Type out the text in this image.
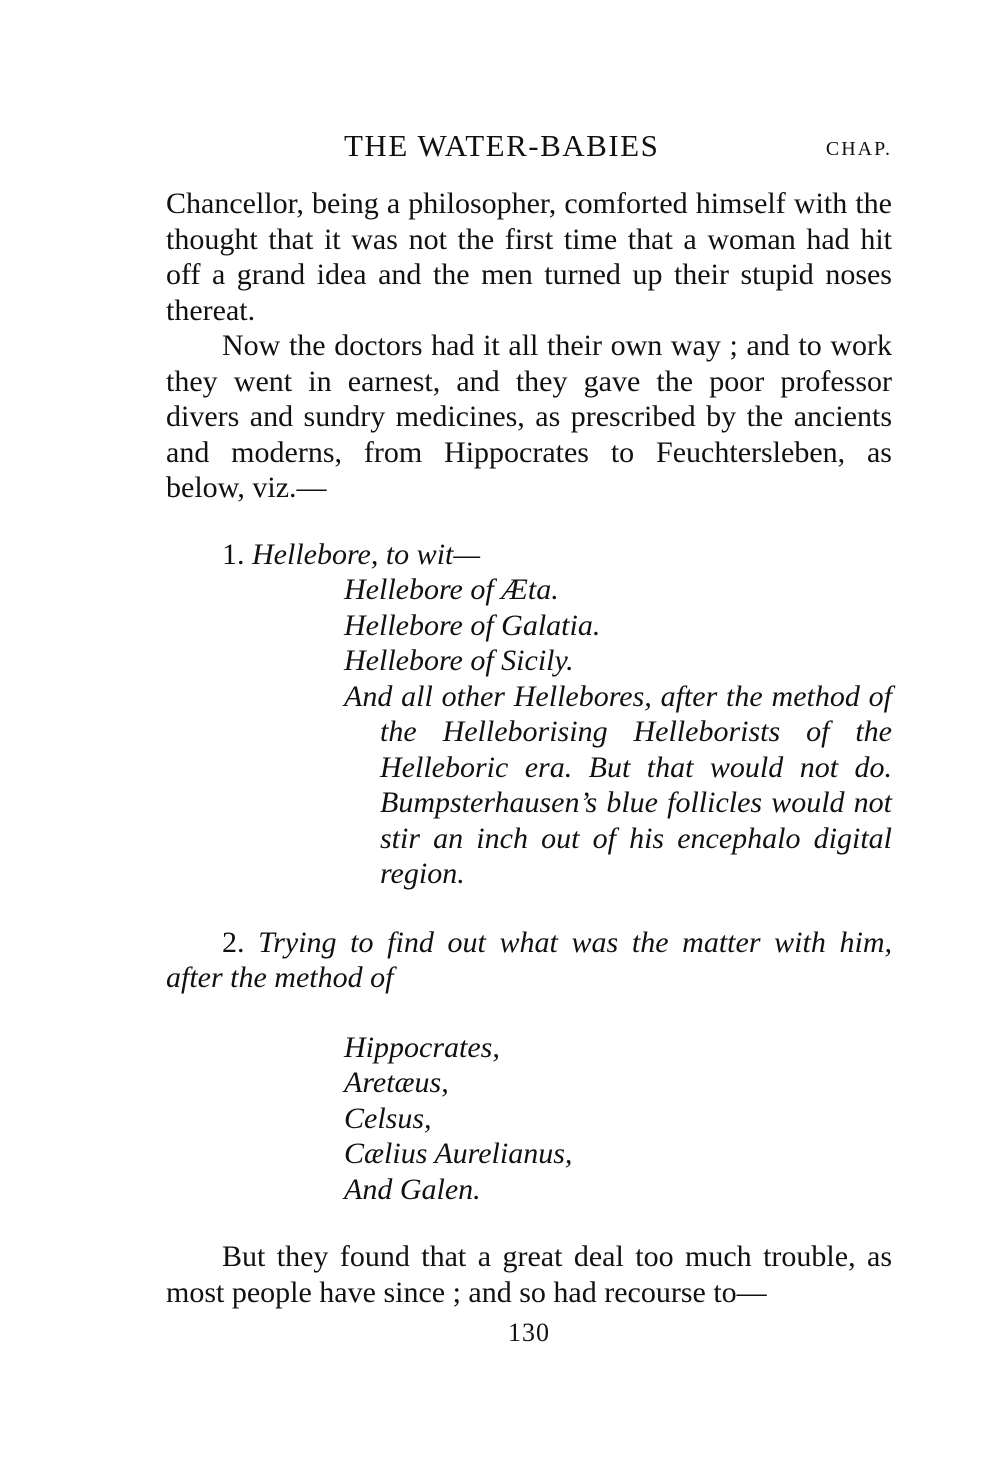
THE WATER-BABIES	CHAP.

Chancellor, being a philosopher, comforted himself with the thought that it was not the first time that a woman had hit off a grand idea and the men turned up their stupid noses thereat.

Now the doctors had it all their own way ; and to work they went in earnest, and they gave the poor professor divers and sundry medicines, as prescribed by the ancients and moderns, from Hippocrates to Feuchtersleben, as below, viz.—

1. Hellebore, to wit—
Hellebore of Æta.
Hellebore of Galatia.
Hellebore of Sicily.
And all other Hellebores, after the method of the Helleborising Helleborists of the Helleboric era. But that would not do. Bumpsterhausen’s blue follicles would not stir an inch out of his encephalo digital region.

2. Trying to find out what was the matter with him, after the method of

Hippocrates,
Aretæus,
Celsus,
Cælius Aurelianus,
And Galen.

But they found that a great deal too much trouble, as most people have since ; and so had recourse to—

130
